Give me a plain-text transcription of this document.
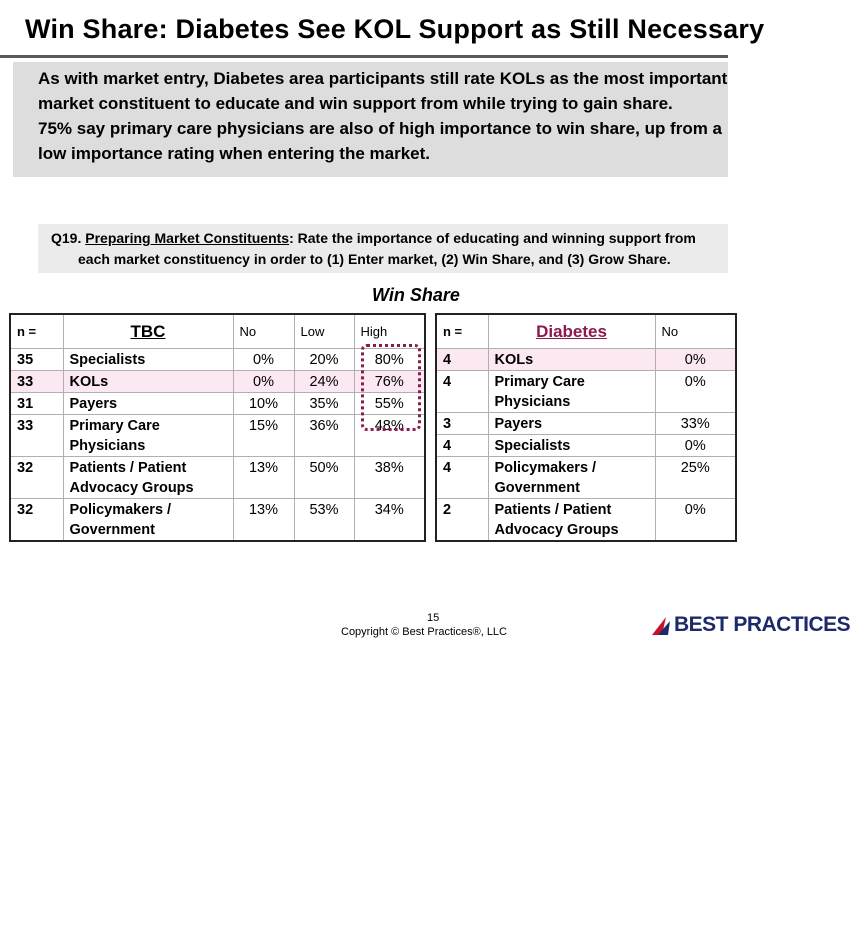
Win Share: Diabetes See KOL Support as Still Necessary
As with market entry, Diabetes area participants still rate KOLs as the most important
market constituent to educate and win support from while trying to gain share.
75% say primary care physicians are also of high importance to win share, up from a
low importance rating when entering the market.
Q19. Preparing Market Constituents: Rate the importance of educating and winning support from
each market constituency in order to (1) Enter market, (2) Win Share, and (3) Grow Share.
Win Share
n =	TBC	No	Low	High
35	Specialists	0%	20%	80%
33	KOLs	0%	24%	76%
31	Payers	10%	35%	55%
33	Primary Care
Physicians	15%	36%	48%
32	Patients / Patient
Advocacy Groups	13%	50%	38%
32	Policymakers /
Government	13%	53%	34%
n =	Diabetes	No
4	KOLs	0%
4	Primary Care
Physicians	0%
3	Payers	33%
4	Specialists	0%
4	Policymakers /
Government	25%
2	Patients / Patient
Advocacy Groups	0%
15
Copyright © Best Practices®, LLC	BEST PRACTICES
